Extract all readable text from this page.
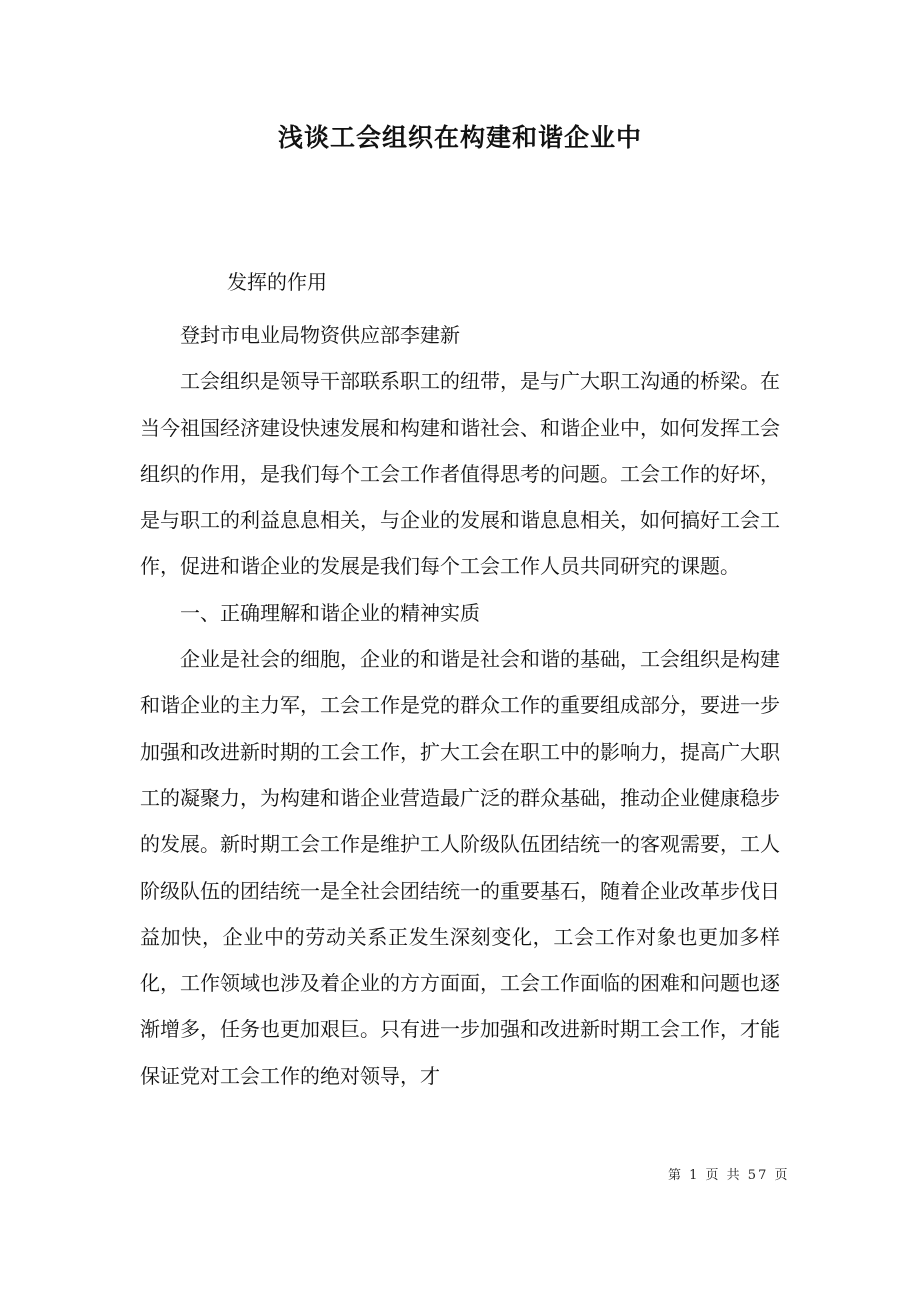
浅谈工会组织在构建和谐企业中
发挥的作用

登封市电业局物资供应部李建新

工会组织是领导干部联系职工的纽带，是与广大职工沟通的桥梁。在当今祖国经济建设快速发展和构建和谐社会、和谐企业中，如何发挥工会组织的作用，是我们每个工会工作者值得思考的问题。工会工作的好坏，是与职工的利益息息相关，与企业的发展和谐息息相关，如何搞好工会工作，促进和谐企业的发展是我们每个工会工作人员共同研究的课题。

一、正确理解和谐企业的精神实质

企业是社会的细胞，企业的和谐是社会和谐的基础，工会组织是构建和谐企业的主力军，工会工作是党的群众工作的重要组成部分，要进一步加强和改进新时期的工会工作，扩大工会在职工中的影响力，提高广大职工的凝聚力，为构建和谐企业营造最广泛的群众基础，推动企业健康稳步的发展。新时期工会工作是维护工人阶级队伍团结统一的客观需要，工人阶级队伍的团结统一是全社会团结统一的重要基石，随着企业改革步伐日益加快，企业中的劳动关系正发生深刻变化，工会工作对象也更加多样化，工作领域也涉及着企业的方方面面，工会工作面临的困难和问题也逐渐增多，任务也更加艰巨。只有进一步加强和改进新时期工会工作，才能保证党对工会工作的绝对领导，才

第 1 页 共 57 页
